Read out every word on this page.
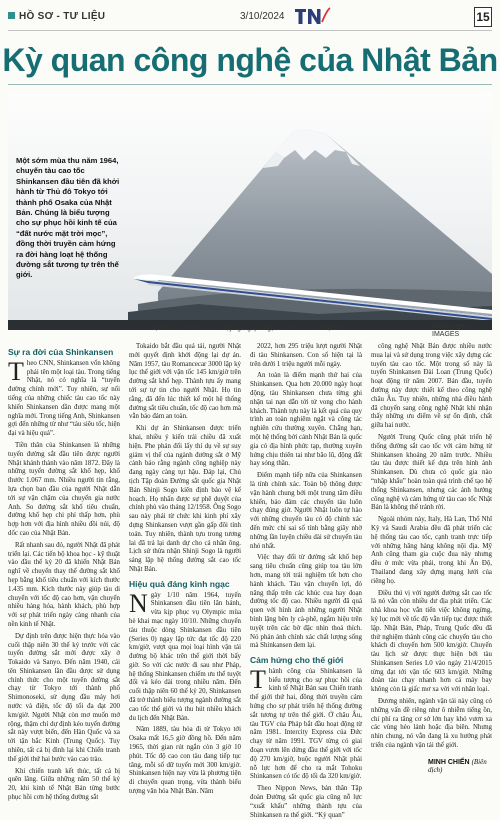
HỒ SƠ - TƯ LIỆU	3/10/2024	15
Kỳ quan công nghệ của Nhật Bản

Một sớm mùa thu năm 1964, chuyến tàu cao tốc Shinkansen đầu tiên đã khởi hành từ Thủ đô Tokyo tới thành phố Osaka của Nhật Bản. Chúng là biểu tượng cho sự phục hồi kinh tế của “đất nước mặt trời mọc”, đồng thời truyền cảm hứng ra đời hàng loạt hệ thống đường sắt tương tự trên thế giới.

Một đoàn tàu Shinkansen chạy ngang qua ngọn núi Phú Sĩ của Nhật Bản.	ẢNH: GETTY IMAGES
Sự ra đời của Shinkansen

Theo CNN, Shinkansen vốn không phải tên một loại tàu. Trong tiếng Nhật, nó có nghĩa là “tuyến đường chính mới”. Tuy nhiên, sự nổi tiếng của những chiếc tàu cao tốc này khiến Shinkansen dần được mang một nghĩa mới. Trong tiếng Anh, Shinkansen gợi đến những từ như “tàu siêu tốc, hiện đại và hiệu quả”.

Tiền thân của Shinkansen là những tuyến đường sắt đầu tiên được người Nhật khánh thành vào năm 1872. Đây là những tuyến đường sắt khổ hẹp, khổ thước 1.067 mm. Nhiều người tin rằng, lựa chọn ban đầu của người Nhật dẫn tới sự vận chậm của chuyến gia nước Anh. So đường sắt khổ tiêu chuẩn, đường khổ hẹp chi phí thấp hơn, phù hợp hơn với địa hình nhiều đồi núi, độ dốc cao của Nhật Bản.

Rất nhanh sau đó, người Nhật đã phát triển lại. Các tiến bộ khoa học - kỹ thuật vào đầu thế kỷ 20 đã khiến Nhật Bản nghĩ về chuyển thay thế đường sắt khổ hẹp bằng khổ tiêu chuẩn với kích thước 1.435 mm. Kích thước này giúp tàu di chuyển với tốc độ cao hơn, vận chuyển nhiều hàng hóa, hành khách, phù hợp với sự phát triển ngày càng nhanh của nền kinh tế Nhật.

Dự định trên được hiện thực hóa vào cuối thập niên 30 thế kỷ trước với các tuyến đường sắt mới được xây ở Tokaido và Sanyo. Đến năm 1940, cái tên Shinkansen lần đầu được sử dụng chính thức cho một tuyến đường sắt chạy từ Tokyo tới thành phố Shimonoseki, sử dụng đầu máy hơi nước và điện, tốc độ tối đa đạt 200 km/giờ. Người Nhật còn mơ muốn mở rộng, thậm chí dự định kéo tuyến đường sắt này vượt biển, đến Hàn Quốc và xa tới tận bắc Kinh (Trung Quốc). Tuy nhiên, tất cả bị đình lại khi Chiến tranh thế giới thứ hai bước vào cao trào.

Khi chiến tranh kết thúc, tất cả bị quên lãng. Giữa những năm 50 thế kỷ 20, khi kinh tế Nhật Bản từng bước phục hồi cơn hệ thống đường sắt

Tokaido bắt đầu quá tải, người Nhật mới quyết định khởi động lại dự án. Năm 1957, tàu Romancecar 3000 lập kỷ lục thế giới với vận tốc 145 km/giờ trên đường sắt khổ hẹp. Thành tựu ấy mang tới sự tự tin cho người Nhật. Họ tin rằng, đã đến lúc thiết kế một hệ thống đường sắt tiêu chuẩn, tốc độ cao hơn mà vẫn bảo đảm an toàn.

Khi dự án Shinkansen được triển khai, nhiều ý kiến trái chiều đã xuất hiện. Phe phản đối lấy thí dụ về sự suy giảm vị thế của ngành đường sắt ở Mỹ cảnh báo rằng ngành công nghiệp này đang ngày càng tụt hậu. Đáp lại, Chủ tịch Tập đoàn Đường sắt quốc gia Nhật Bản Shinji Sogo kiên định bảo vệ kế hoạch. Họ nhấn được sự phê duyệt của chính phủ vào tháng 12/1958. Ông Sogo sau này phải từ chức khi kinh phí xây dựng Shinkansen vượt gần gấp đôi tính toán. Tuy nhiên, thành tựu trong tương lai đã trả lại danh dự cho cá nhân ông. Lịch sử thừa nhận Shinji Sogo là người sáng lập hệ thống đường sắt cao tốc Nhật Bản.

Hiệu quả đáng kinh ngạc

Ngày 1/10 năm 1964, tuyến Shinkansen đầu tiên lăn bánh, vừa kịp phục vụ Olympic mùa hè khai mạc ngày 10/10. Những chuyến tàu thuộc dòng Shinkansen đầu tiên (Series 0) ngay lập tức đạt tốc độ 220 km/giờ, vượt qua mọi loại hình vận tải đường bộ khác trên thế giới thời bấy giờ. So với các nước đi sau như Pháp, hệ thống Shinkansen chiếm ưu thế tuyệt đối và kéo dài trong nhiều năm. Đến cuối thập niên 60 thế kỷ 20, Shinkansen đã trở thành biểu tượng ngành đường sắt cao tốc thế giới và thu hút nhiều khách du lịch đến Nhật Bản.

Năm 1889, tàu hỏa đi từ Tokyo tới Osaka mất 16,5 giờ đồng hồ. Đến năm 1965, thời gian rút ngắn còn 3 giờ 10 phút. Tốc độ cao con tàu đang tiếp tục tăng, mỗi số dữ tuyến mới 300 km/giờ. Shinkansen hiện nay vừa là phương tiện di chuyển quan trọng, vừa thành biểu tượng văn hóa Nhật Bản. Năm

2022, hơn 295 triệu lượt người Nhật đi tàu Shinkansen. Con số hiện tại là trên dưới 1 triệu người mỗi ngày.

An toàn là điểm mạnh thứ hai của Shinkansen. Qua hơn 20.000 ngày hoạt động, tàu Shinkansen chưa từng ghi nhận tai nạn dẫn tới tử vong cho hành khách. Thành tựu này là kết quả của quy trình an toàn nghiêm ngặt và công tác nghiên cứu thường xuyên. Chẳng hạn, một hệ thống bởi cảnh Nhật Bản là quốc gia có địa hình phức tạp, thường xuyên hứng chịu thiên tai như bão lũ, động đất hay sóng thần.

Điểm mạnh tiếp nữa của Shinkansen là tính chính xác. Toàn bộ thông được vận hành chung bởi một trung tâm điều khiển, bảo đảm các chuyến tàu luôn chạy đúng giờ. Người Nhật luôn tự hào với những chuyến tàu có độ chính xác đến mức chỉ sai số tính bằng giây nhờ những lần luyện chiều dài sử chuyến tàu nhỏ nhất.

Việc thay đổi từ đường sắt khổ hẹp sang tiêu chuẩn cũng giúp toa tàu lớn hơn, mang tới trải nghiệm tốt hơn cho hành khách. Tàu vận chuyển lợi, đó nâng thấp trên các khúc cua hay đoạn đường tốc độ cao. Nhiều người đã quá quen với hình ảnh những người Nhật bình lặng bên ly cà-phê, ngắm hiệu trên tuyệt trên các bờ đặc nhìn thoả thích. Nó phản ánh chính xác chất lượng sống mà Shinkansen đem lại.

Cảm hứng cho thế giới

Thành công của Shinkansen là biểu tượng cho sự phục hồi của kinh tế Nhật Bản sau Chiến tranh thế giới thứ hai, đồng thời truyền cảm hứng cho sự phát triển hệ thống đường sắt tương tự trên thế giới. Ở châu Âu, tàu TGV của Pháp bắt đầu hoạt động từ năm 1981. Intercity Express của Đức chạy từ năm 1991. TGV từng có giai đoạn vươn lên dừng đầu thế giới với tốc độ 270 km/giờ, buộc người Nhật phải nỗ lực hơn để cho ra mắt Tohoku Shinkansen có tốc độ tối đa 320 km/giờ.

Theo Nippon News, bản thân Tập đoàn Đường sắt quốc gia cũng nỗ lực “xuất khẩu” những thành tựu của Shinkansen ra thế giới. “Kỳ quan”

công nghệ Nhật Bản được nhiều nước mua lại và sử dụng trong việc xây dựng các tuyến tàu cao tốc. Một trong số này là tuyến Shinkansen Đài Loan (Trung Quốc) hoạt động từ năm 2007. Bản đầu, tuyến đường này được thiết kế theo công nghệ châu Âu. Tuy nhiên, những nhà điều hành đã chuyển sang công nghệ Nhật khi nhận thấy những ưu điểm về sự ổn định, chất giữa hai nước.

Người Trung Quốc cũng phát triển hệ thống đường sắt cao tốc với cảm hứng từ Shinkansen khoảng 20 năm trước. Nhiều tàu tàu được thiết kế dựa trên hình ảnh Shinkansen. Dù chưa có quốc gia nào “nhập khẩu” hoàn toàn quá trình chế tạo hệ thống Shinkansen, nhưng các ảnh hưởng công nghệ và cảm hứng từ tàu cao tốc Nhật Bản là không thể tránh rời.

Ngoài nhóm này, Italy, Hà Lan, Thổ Nhĩ Kỳ và Saudi Arabia đều đã phát triển các hệ thống tàu cao tốc, cạnh tranh trực tiếp với những hãng hàng không nội địa. Mỹ Anh cũng tham gia cuộc đua này nhưng đều ở mức vừa phải, trong khi Ấn Độ, Thailand đang xây dựng mạng lưới của riêng họ.

Điều thú vị với người đường sắt cao tốc là nó vẫn còn nhiều dư địa phát triển. Các nhà khoa học vẫn tiến việc không ngừng, kỷ lục mới về tốc độ vẫn tiếp tục được thiết lập. Nhật Bản, Pháp, Trung Quốc đều đã thử nghiệm thành công các chuyến tàu cho khách đi chuyến hơn 500 km/giờ. Chuyến tàu lịch sử được thực hiện bởi tàu Shinkansen Series L0 vào ngày 21/4/2015 từng đạt tới vận tốc 603 km/giờ. Những đoàn tàu chạy nhanh hơn cả máy bay không còn là giấc mơ xa vời với nhân loại.

Đương nhiên, ngành vận tải này cũng có những vấn đề riêng như ô nhiễm tiếng ồn, chi phí ra tăng cơ sở lớn hay khó vươn xa các vùng hẻo lánh hoặc địa biên. Nhưng nhìn chung, nó vẫn đang là xu hướng phát triển của ngành vận tải thế giới.

MINH CHIẾN (Biên dịch)
